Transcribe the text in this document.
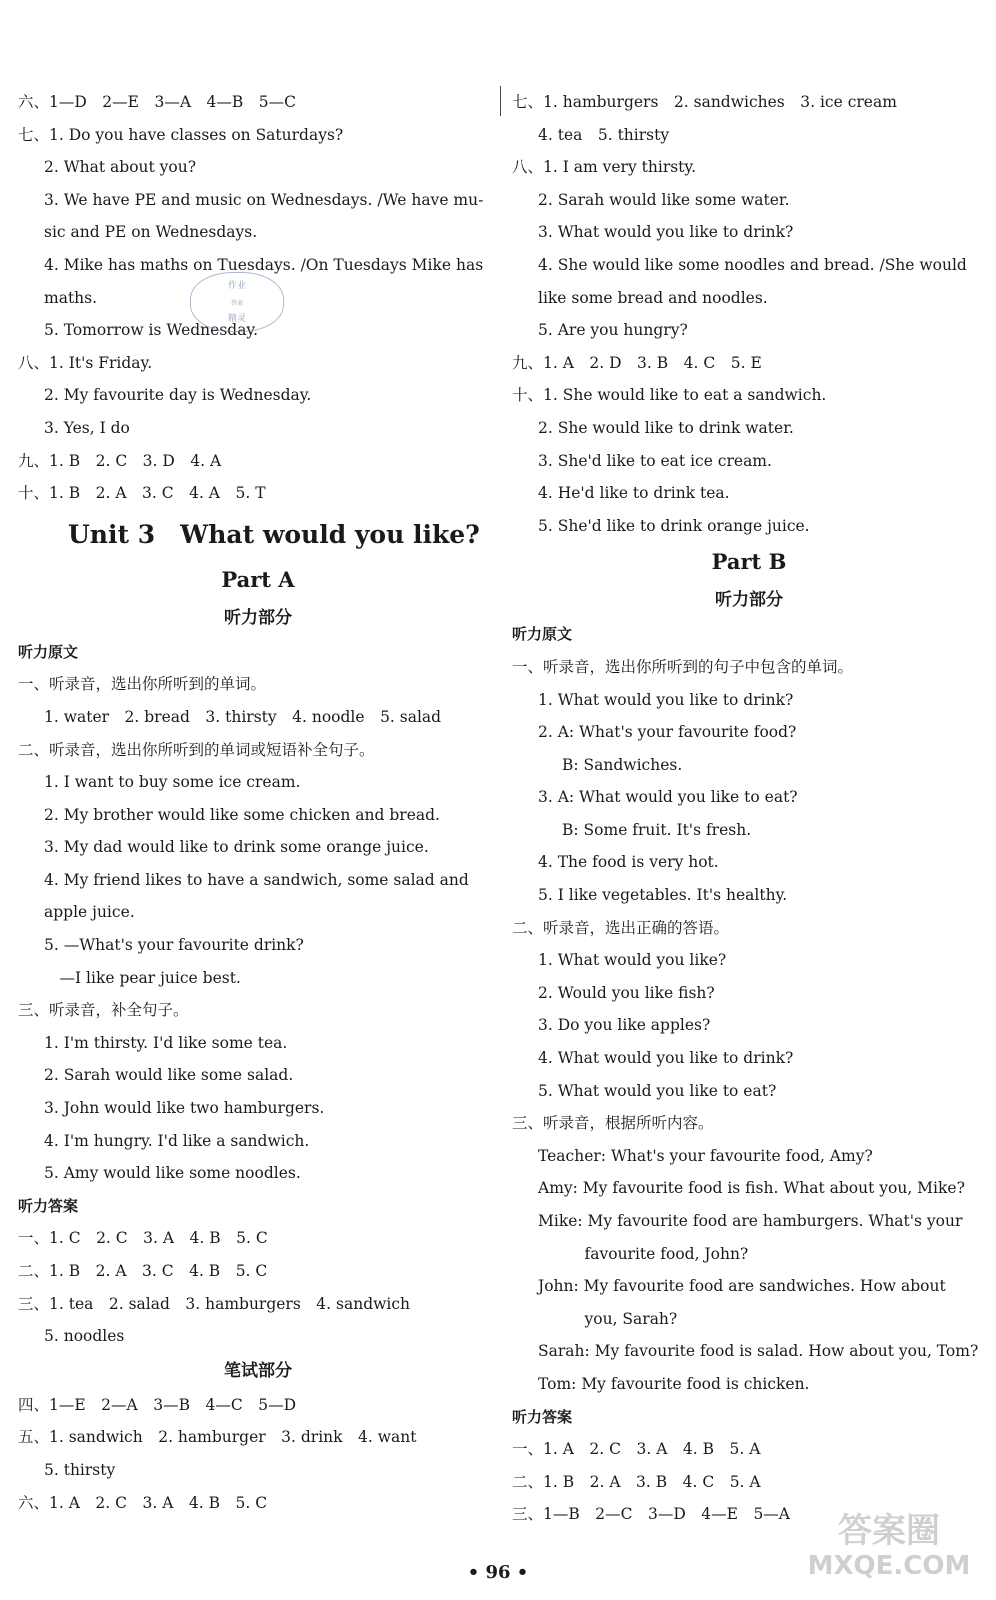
六、1—D　2—E　3—A　4—B　5—C
七、1. Do you have classes on Saturdays?
2. What about you?
3. We have PE and music on Wednesdays. /We have mu-
sic and PE on Wednesdays.
4. Mike has maths on Tuesdays. /On Tuesdays Mike has
maths.
5. Tomorrow is Wednesday.
八、1. It's Friday.
2. My favourite day is Wednesday.
3. Yes, I do
九、1. B　2. C　3. D　4. A
十、1. B　2. A　3. C　4. A　5. T
Unit 3　What would you like?
Part A
听力部分
听力原文
一、听录音，选出你所听到的单词。
1. water　2. bread　3. thirsty　4. noodle　5. salad
二、听录音，选出你所听到的单词或短语补全句子。
1. I want to buy some ice cream.
2. My brother would like some chicken and bread.
3. My dad would like to drink some orange juice.
4. My friend likes to have a sandwich, some salad and
apple juice.
5. —What's your favourite drink?
　—I like pear juice best.
三、听录音，补全句子。
1. I'm thirsty. I'd like some tea.
2. Sarah would like some salad.
3. John would like two hamburgers.
4. I'm hungry. I'd like a sandwich.
5. Amy would like some noodles.
听力答案
一、1. C　2. C　3. A　4. B　5. C
二、1. B　2. A　3. C　4. B　5. C
三、1. tea　2. salad　3. hamburgers　4. sandwich
5. noodles
笔试部分
四、1—E　2—A　3—B　4—C　5—D
五、1. sandwich　2. hamburger　3. drink　4. want
5. thirsty
六、1. A　2. C　3. A　4. B　5. C
七、1. hamburgers　2. sandwiches　3. ice cream
4. tea　5. thirsty
八、1. I am very thirsty.
2. Sarah would like some water.
3. What would you like to drink?
4. She would like some noodles and bread. /She would
like some bread and noodles.
5. Are you hungry?
九、1. A　2. D　3. B　4. C　5. E
十、1. She would like to eat a sandwich.
2. She would like to drink water.
3. She'd like to eat ice cream.
4. He'd like to drink tea.
5. She'd like to drink orange juice.
Part B
听力部分
听力原文
一、听录音，选出你所听到的句子中包含的单词。
1. What would you like to drink?
2. A: What's your favourite food?
B: Sandwiches.
3. A: What would you like to eat?
B: Some fruit. It's fresh.
4. The food is very hot.
5. I like vegetables. It's healthy.
二、听录音，选出正确的答语。
1. What would you like?
2. Would you like fish?
3. Do you like apples?
4. What would you like to drink?
5. What would you like to eat?
三、听录音，根据所听内容。
Teacher: What's your favourite food, Amy?
Amy: My favourite food is fish. What about you, Mike?
Mike: My favourite food are hamburgers. What's your
　　　favourite food, John?
John: My favourite food are sandwiches. How about
　　　you, Sarah?
Sarah: My favourite food is salad. How about you, Tom?
Tom: My favourite food is chicken.
听力答案
一、1. A　2. C　3. A　4. B　5. A
二、1. B　2. A　3. B　4. C　5. A
三、1—B　2—C　3—D　4—E　5—A
作业
答案
精灵
• 96 •
答案圈
MXQE.COM
